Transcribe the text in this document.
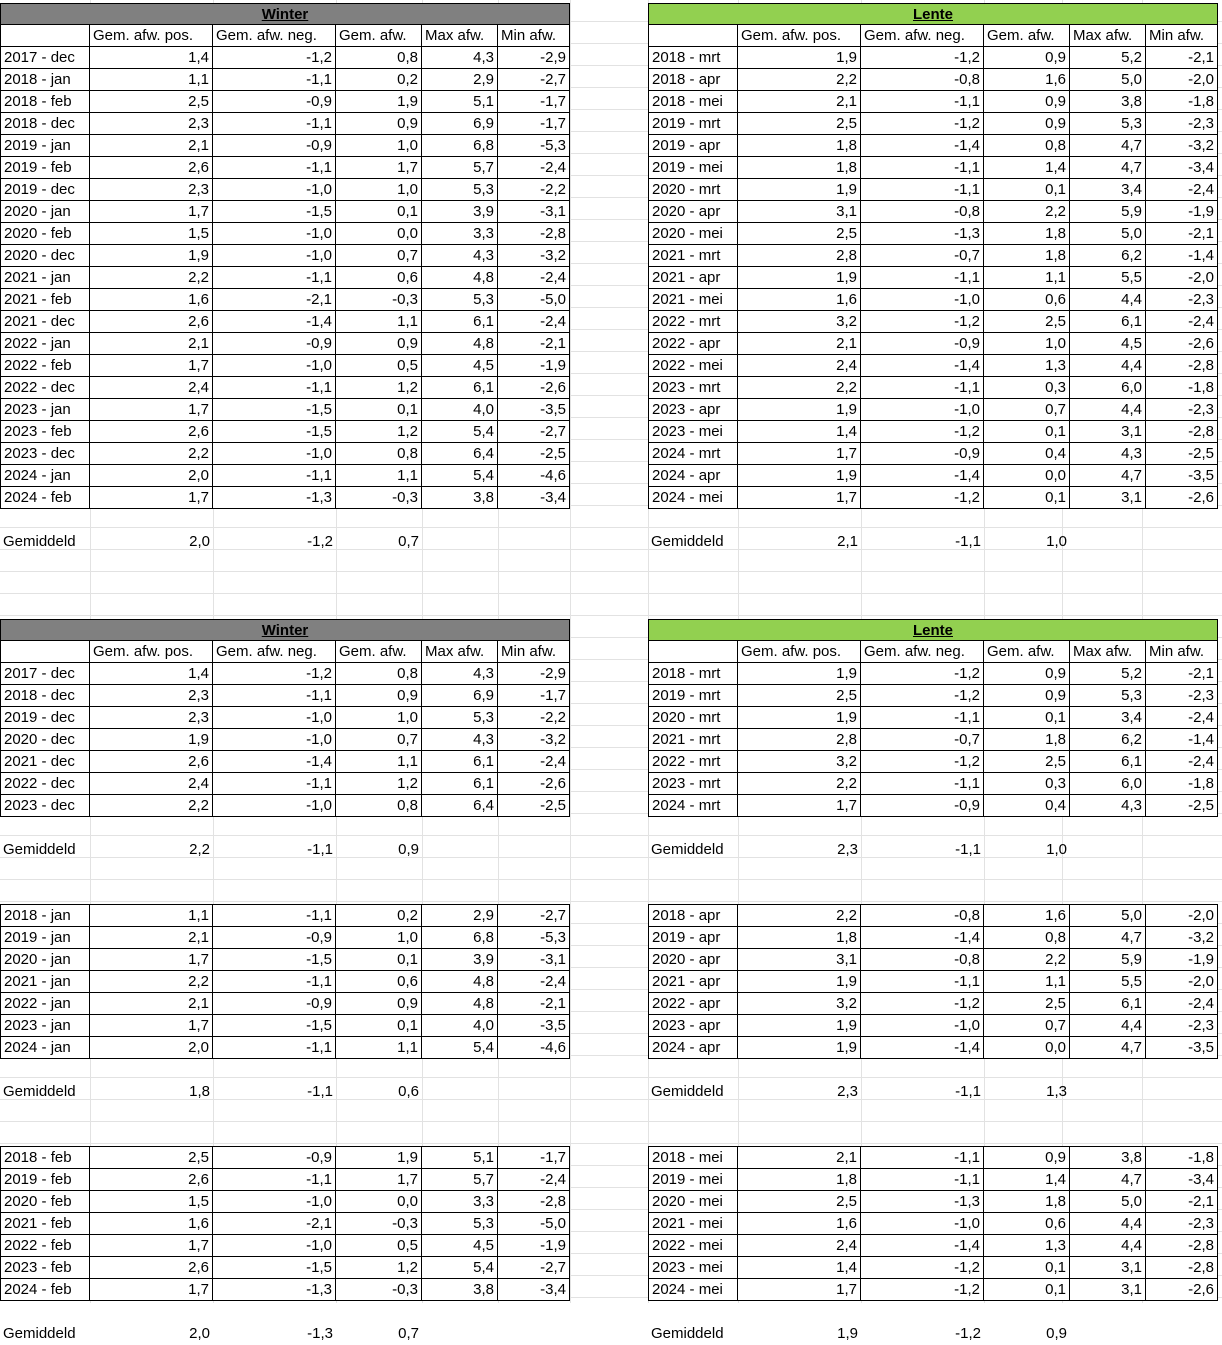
Winter
Gem. afw. pos.	Gem. afw. neg.	Gem. afw.	Max afw.	Min afw.
2017 - dec	1,4	-1,2	0,8	4,3	-2,9
2018 - jan	1,1	-1,1	0,2	2,9	-2,7
2018 - feb	2,5	-0,9	1,9	5,1	-1,7
2018 - dec	2,3	-1,1	0,9	6,9	-1,7
2019 - jan	2,1	-0,9	1,0	6,8	-5,3
2019 - feb	2,6	-1,1	1,7	5,7	-2,4
2019 - dec	2,3	-1,0	1,0	5,3	-2,2
2020 - jan	1,7	-1,5	0,1	3,9	-3,1
2020 - feb	1,5	-1,0	0,0	3,3	-2,8
2020 - dec	1,9	-1,0	0,7	4,3	-3,2
2021 - jan	2,2	-1,1	0,6	4,8	-2,4
2021 - feb	1,6	-2,1	-0,3	5,3	-5,0
2021 - dec	2,6	-1,4	1,1	6,1	-2,4
2022 - jan	2,1	-0,9	0,9	4,8	-2,1
2022 - feb	1,7	-1,0	0,5	4,5	-1,9
2022 - dec	2,4	-1,1	1,2	6,1	-2,6
2023 - jan	1,7	-1,5	0,1	4,0	-3,5
2023 - feb	2,6	-1,5	1,2	5,4	-2,7
2023 - dec	2,2	-1,0	0,8	6,4	-2,5
2024 - jan	2,0	-1,1	1,1	5,4	-4,6
2024 - feb	1,7	-1,3	-0,3	3,8	-3,4
Gemiddeld	2,0	-1,2	0,7
Lente
Gem. afw. pos.	Gem. afw. neg.	Gem. afw.	Max afw.	Min afw.
2018 - mrt	1,9	-1,2	0,9	5,2	-2,1
2018 - apr	2,2	-0,8	1,6	5,0	-2,0
2018 - mei	2,1	-1,1	0,9	3,8	-1,8
2019 - mrt	2,5	-1,2	0,9	5,3	-2,3
2019 - apr	1,8	-1,4	0,8	4,7	-3,2
2019 - mei	1,8	-1,1	1,4	4,7	-3,4
2020 - mrt	1,9	-1,1	0,1	3,4	-2,4
2020 - apr	3,1	-0,8	2,2	5,9	-1,9
2020 - mei	2,5	-1,3	1,8	5,0	-2,1
2021 - mrt	2,8	-0,7	1,8	6,2	-1,4
2021 - apr	1,9	-1,1	1,1	5,5	-2,0
2021 - mei	1,6	-1,0	0,6	4,4	-2,3
2022 - mrt	3,2	-1,2	2,5	6,1	-2,4
2022 - apr	2,1	-0,9	1,0	4,5	-2,6
2022 - mei	2,4	-1,4	1,3	4,4	-2,8
2023 - mrt	2,2	-1,1	0,3	6,0	-1,8
2023 - apr	1,9	-1,0	0,7	4,4	-2,3
2023 - mei	1,4	-1,2	0,1	3,1	-2,8
2024 - mrt	1,7	-0,9	0,4	4,3	-2,5
2024 - apr	1,9	-1,4	0,0	4,7	-3,5
2024 - mei	1,7	-1,2	0,1	3,1	-2,6
Gemiddeld	2,1	-1,1	1,0
Winter
Gem. afw. pos.	Gem. afw. neg.	Gem. afw.	Max afw.	Min afw.
2017 - dec	1,4	-1,2	0,8	4,3	-2,9
2018 - dec	2,3	-1,1	0,9	6,9	-1,7
2019 - dec	2,3	-1,0	1,0	5,3	-2,2
2020 - dec	1,9	-1,0	0,7	4,3	-3,2
2021 - dec	2,6	-1,4	1,1	6,1	-2,4
2022 - dec	2,4	-1,1	1,2	6,1	-2,6
2023 - dec	2,2	-1,0	0,8	6,4	-2,5
Gemiddeld	2,2	-1,1	0,9
2018 - jan	1,1	-1,1	0,2	2,9	-2,7
2019 - jan	2,1	-0,9	1,0	6,8	-5,3
2020 - jan	1,7	-1,5	0,1	3,9	-3,1
2021 - jan	2,2	-1,1	0,6	4,8	-2,4
2022 - jan	2,1	-0,9	0,9	4,8	-2,1
2023 - jan	1,7	-1,5	0,1	4,0	-3,5
2024 - jan	2,0	-1,1	1,1	5,4	-4,6
Gemiddeld	1,8	-1,1	0,6
2018 - feb	2,5	-0,9	1,9	5,1	-1,7
2019 - feb	2,6	-1,1	1,7	5,7	-2,4
2020 - feb	1,5	-1,0	0,0	3,3	-2,8
2021 - feb	1,6	-2,1	-0,3	5,3	-5,0
2022 - feb	1,7	-1,0	0,5	4,5	-1,9
2023 - feb	2,6	-1,5	1,2	5,4	-2,7
2024 - feb	1,7	-1,3	-0,3	3,8	-3,4
Gemiddeld	2,0	-1,3	0,7
Lente
Gem. afw. pos.	Gem. afw. neg.	Gem. afw.	Max afw.	Min afw.
2018 - mrt	1,9	-1,2	0,9	5,2	-2,1
2019 - mrt	2,5	-1,2	0,9	5,3	-2,3
2020 - mrt	1,9	-1,1	0,1	3,4	-2,4
2021 - mrt	2,8	-0,7	1,8	6,2	-1,4
2022 - mrt	3,2	-1,2	2,5	6,1	-2,4
2023 - mrt	2,2	-1,1	0,3	6,0	-1,8
2024 - mrt	1,7	-0,9	0,4	4,3	-2,5
Gemiddeld	2,3	-1,1	1,0
2018 - apr	2,2	-0,8	1,6	5,0	-2,0
2019 - apr	1,8	-1,4	0,8	4,7	-3,2
2020 - apr	3,1	-0,8	2,2	5,9	-1,9
2021 - apr	1,9	-1,1	1,1	5,5	-2,0
2022 - apr	3,2	-1,2	2,5	6,1	-2,4
2023 - apr	1,9	-1,0	0,7	4,4	-2,3
2024 - apr	1,9	-1,4	0,0	4,7	-3,5
Gemiddeld	2,3	-1,1	1,3
2018 - mei	2,1	-1,1	0,9	3,8	-1,8
2019 - mei	1,8	-1,1	1,4	4,7	-3,4
2020 - mei	2,5	-1,3	1,8	5,0	-2,1
2021 - mei	1,6	-1,0	0,6	4,4	-2,3
2022 - mei	2,4	-1,4	1,3	4,4	-2,8
2023 - mei	1,4	-1,2	0,1	3,1	-2,8
2024 - mei	1,7	-1,2	0,1	3,1	-2,6
Gemiddeld	1,9	-1,2	0,9
